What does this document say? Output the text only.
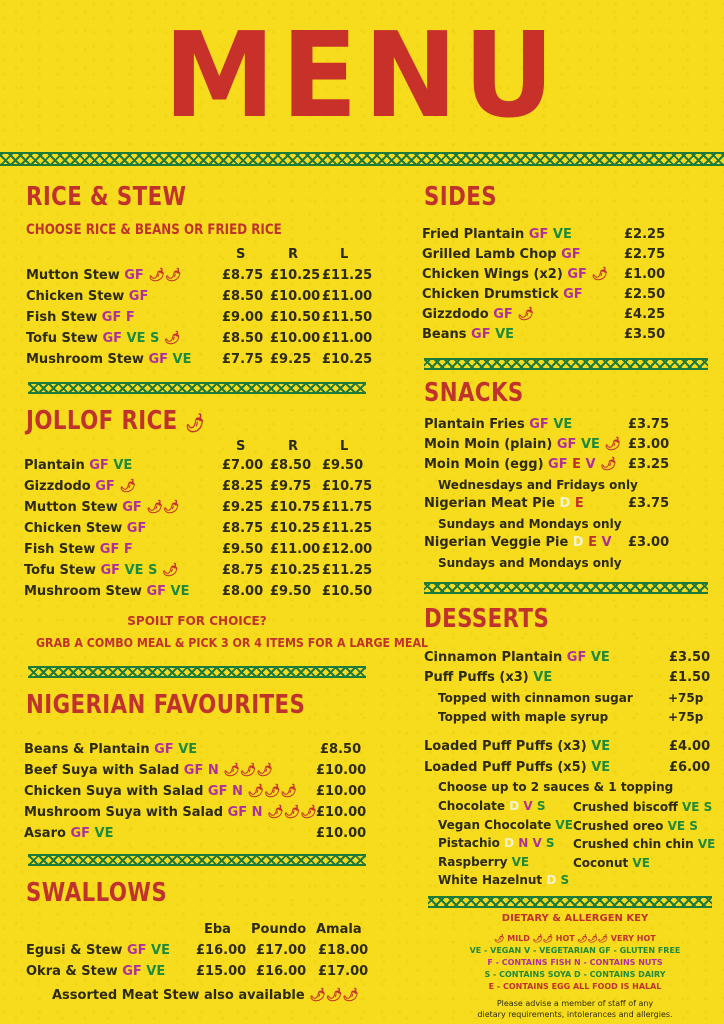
MENU
RICE & STEW
CHOOSE RICE & BEANS OR FRIED RICE
JOLLOF RICE 🌶
SPOILT FOR CHOICE?
GRAB A COMBO MEAL & PICK 3 OR 4 ITEMS FOR A LARGE MEAL
NIGERIAN FAVOURITES
SWALLOWS
Assorted Meat Stew also available 🌶🌶🌶
SIDES
SNACKS
DESSERTS
DIETARY & ALLERGEN KEY
🌶 MILD 🌶🌶 HOT 🌶🌶🌶 VERY HOT
VE - VEGAN V - VEGETARIAN GF - GLUTEN FREE
F - CONTAINS FISH N - CONTAINS NUTS
S - CONTAINS SOYA D - CONTAINS DAIRY
E - CONTAINS EGG ALL FOOD IS HALAL
Please advise a member of staff of any
dietary requirements, intolerances and allergies.
S	R	L
Mutton Stew GF 🌶🌶	£8.75 £10.25 £11.25
Chicken Stew GF	£8.50 £10.00 £11.00
Fish Stew GF F	£9.00 £10.50 £11.50
Tofu Stew GF VE S 🌶	£8.50 £10.00 £11.00
Mushroom Stew GF VE £7.75 £9.25 £10.25
S	R	L
Plantain GF VE	£7.00 £8.50 £9.50
Gizzdodo GF 🌶	£8.25 £9.75 £10.75
Mutton Stew GF 🌶🌶	£9.25 £10.75 £11.75
Chicken Stew GF	£8.75 £10.25 £11.25
Fish Stew GF F	£9.50 £11.00 £12.00
Tofu Stew GF VE S 🌶	£8.75 £10.25 £11.25
Mushroom Stew GF VE	£8.00 £9.50 £10.50
Beans & Plantain GF VE	£8.50
Beef Suya with Salad GF N 🌶🌶🌶	£10.00
Chicken Suya with Salad GF N 🌶🌶🌶 £10.00
Mushroom Suya with Salad GF N 🌶🌶🌶 £10.00
Asaro GF VE	£10.00
Eba Poundo Amala
Egusi & Stew GF VE £16.00 £17.00 £18.00
Okra & Stew GF VE £15.00 £16.00 £17.00
Fried Plantain GF VE	£2.25
Grilled Lamb Chop GF	£2.75
Chicken Wings (x2) GF 🌶 £1.00
Chicken Drumstick GF	£2.50
Gizzdodo GF 🌶	£4.25
Beans GF VE	£3.50
Plantain Fries GF VE	£3.75
Moin Moin (plain) GF VE 🌶 £3.00
Moin Moin (egg) GF E V 🌶 £3.25
Wednesdays and Fridays only
Nigerian Meat Pie D E	£3.75
Sundays and Mondays only
Nigerian Veggie Pie D E V £3.00
Sundays and Mondays only
Cinnamon Plantain GF VE	£3.50
Puff Puffs (x3) VE	£1.50
Topped with cinnamon sugar	+75p
Topped with maple syrup	+75p
Loaded Puff Puffs (x3) VE	£4.00
Loaded Puff Puffs (x5) VE	£6.00
Choose up to 2 sauces & 1 topping
Chocolate D V S
Vegan Chocolate VE
Pistachio D N V S
Raspberry VE
White Hazelnut D S
Crushed biscoff VE S
Crushed oreo VE S
Crushed chin chin VE
Coconut VE
